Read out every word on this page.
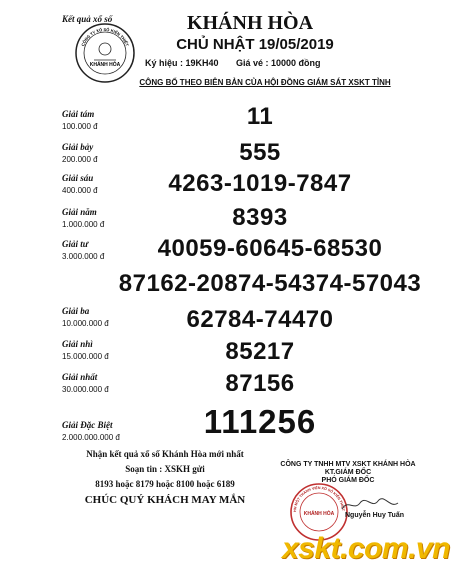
Kết quả xổ số
KHÁNH HÒA
CÔNG TY XỔ SỐ KIẾN THIẾT
KHÁNH HÒA
CHỦ NHẬT 19/05/2019
Ký hiệu : 19KH40 Giá vé : 10000 đồng
CÔNG BỐ THEO BIÊN BẢN CỦA HỘI ĐỒNG GIÁM SÁT XSKT TỈNH
Giải tám
100.000 đ	11
Giải bảy
200.000 đ	555
Giải sáu
400.000 đ	4263-1019-7847
Giải năm
1.000.000 đ	8393
Giải tư
3.000.000 đ	40059-60645-68530
87162-20874-54374-57043
Giải ba
10.000.000 đ	62784-74470
Giải nhì
15.000.000 đ	85217
Giải nhất
30.000.000 đ	87156
Giải Đặc Biệt
2.000.000.000 đ	111256
Nhận kết quả xổ số Khánh Hòa mới nhất
Soạn tin : XSKH gửi
8193 hoặc 8179 hoặc 8100 hoặc 6189
CHÚC QUÝ KHÁCH MAY MẮN
CÔNG TY TNHH MTV XSKT KHÁNH HÒA
KT.GIÁM ĐỐC
PHÓ GIÁM ĐỐC
HH MỘT THÀNH VIÊN XỔ SỐ KIẾN THIẾT
KHÁNH HÒA Nguyễn Huy Tuấn
xskt.com.vn
